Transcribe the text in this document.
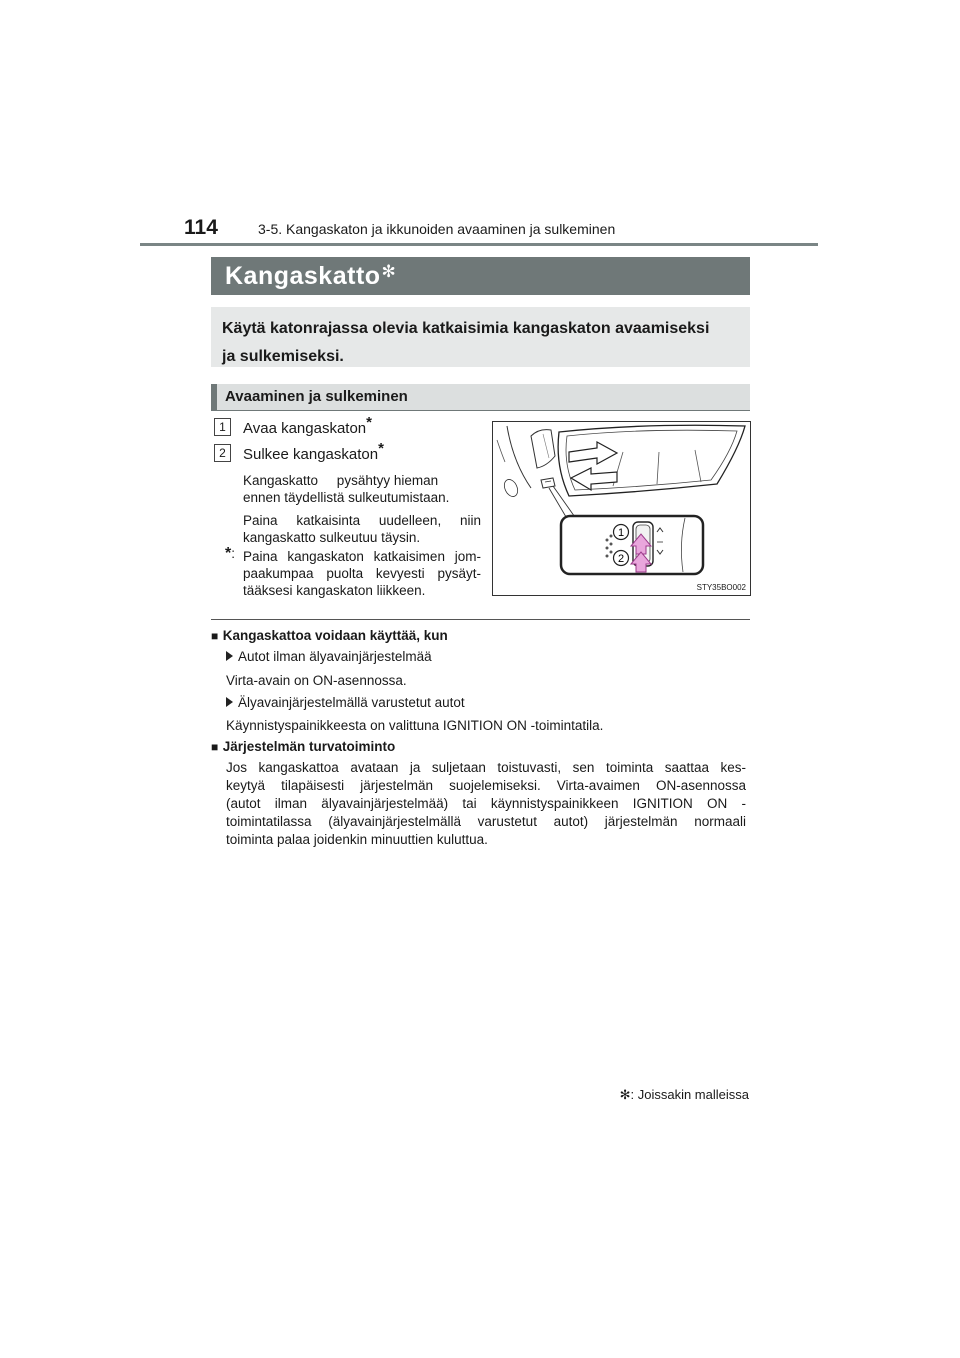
114	3-5. Kangaskaton ja ikkunoiden avaaminen ja sulkeminen
Kangaskatto✻
Käytä katonrajassa olevia katkaisimia kangaskaton avaamiseksi
ja sulkemiseksi.
Avaaminen ja sulkeminen
1	Avaa kangaskaton*
2	Sulkee kangaskaton*
Kangaskatto     pysähtyy hieman
ennen täydellistä sulkeutumistaan.
Paina katkaisinta uudelleen, niin
kangaskatto sulkeutuu täysin.
*: Paina kangaskaton katkaisimen jom-
paakumpaa puolta kevyesti pysäyt-
tääksesi kangaskaton liikkeen.
1
2
STY35BO002
■ Kangaskattoa voidaan käyttää, kun
Autot ilman älyavainjärjestelmää
Virta-avain on ON-asennossa.
Älyavainjärjestelmällä varustetut autot
Käynnistyspainikkeesta on valittuna IGNITION ON -toimintatila.
■ Järjestelmän turvatoiminto
Jos kangaskattoa avataan ja suljetaan toistuvasti, sen toiminta saattaa kes-
keytyä tilapäisesti järjestelmän suojelemiseksi. Virta-avaimen ON-asennossa
(autot ilman älyavainjärjestelmää) tai käynnistyspainikkeen IGNITION ON -
toimintatilassa (älyavainjärjestelmällä varustetut autot) järjestelmän normaali
toiminta palaa joidenkin minuuttien kuluttua.
✻: Joissakin malleissa
